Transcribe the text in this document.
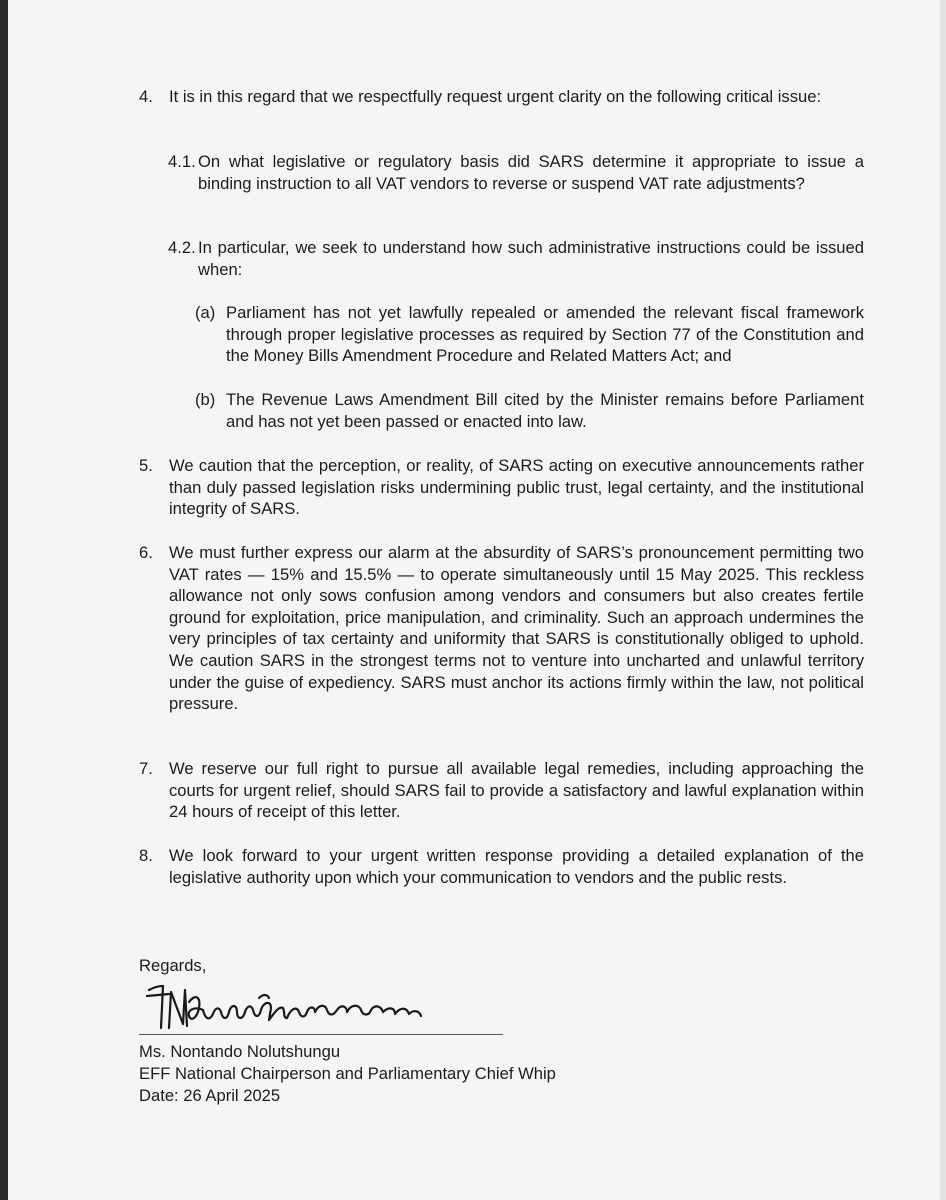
4. It is in this regard that we respectfully request urgent clarity on the following critical issue:
4.1. On what legislative or regulatory basis did SARS determine it appropriate to issue a binding instruction to all VAT vendors to reverse or suspend VAT rate adjustments?
4.2. In particular, we seek to understand how such administrative instructions could be issued when:
(a) Parliament has not yet lawfully repealed or amended the relevant fiscal framework through proper legislative processes as required by Section 77 of the Constitution and the Money Bills Amendment Procedure and Related Matters Act; and
(b) The Revenue Laws Amendment Bill cited by the Minister remains before Parliament and has not yet been passed or enacted into law.
5. We caution that the perception, or reality, of SARS acting on executive announcements rather than duly passed legislation risks undermining public trust, legal certainty, and the institutional integrity of SARS.
6. We must further express our alarm at the absurdity of SARS’s pronouncement permitting two VAT rates — 15% and 15.5% — to operate simultaneously until 15 May 2025. This reckless allowance not only sows confusion among vendors and consumers but also creates fertile ground for exploitation, price manipulation, and criminality. Such an approach undermines the very principles of tax certainty and uniformity that SARS is constitutionally obliged to uphold. We caution SARS in the strongest terms not to venture into uncharted and unlawful territory under the guise of expediency. SARS must anchor its actions firmly within the law, not political pressure.
7. We reserve our full right to pursue all available legal remedies, including approaching the courts for urgent relief, should SARS fail to provide a satisfactory and lawful explanation within 24 hours of receipt of this letter.
8. We look forward to your urgent written response providing a detailed explanation of the legislative authority upon which your communication to vendors and the public rests.
Regards,
Ms. Nontando Nolutshungu
EFF National Chairperson and Parliamentary Chief Whip
Date: 26 April 2025
